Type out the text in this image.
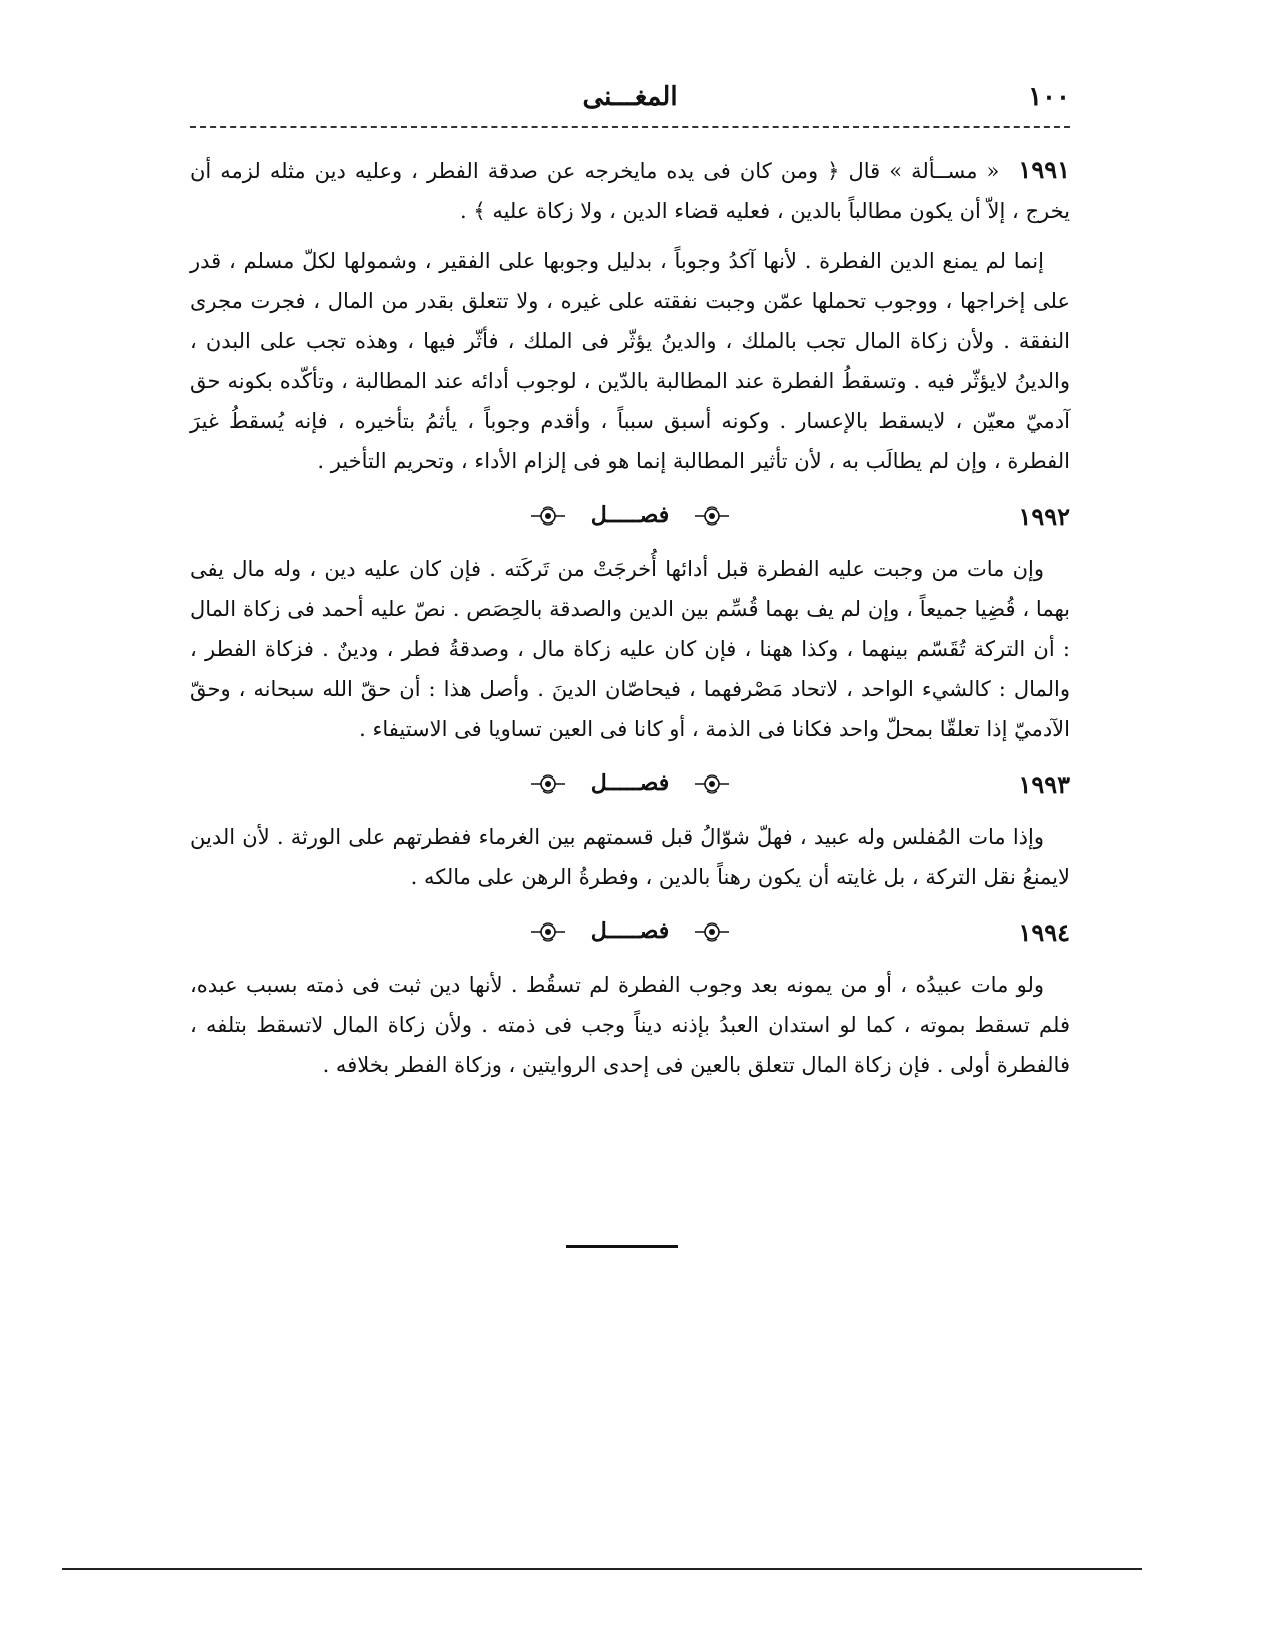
١٠٠
المغـــنى

١٩٩١ « مســألة » قال ﴿ ومن كان فى يده مايخرجه عن صدقة الفطر ، وعليه دين مثله لزمه أن يخرج ، إلاّ أن يكون مطالباً بالدين ، فعليه قضاء الدين ، ولا زكاة عليه ﴾ .

إنما لم يمنع الدين الفطرة . لأنها آكدُ وجوباً ، بدليل وجوبها على الفقير ، وشمولها لكلّ مسلم ، قدر على إخراجها ، ووجوب تحملها عمّن وجبت نفقته على غيره ، ولا تتعلق بقدر من المال ، فجرت مجرى النفقة . ولأن زكاة المال تجب بالملك ، والدينُ يؤثّر فى الملك ، فأثّر فيها ، وهذه تجب على البدن ، والدينُ لايؤثّر فيه . وتسقطُ الفطرة عند المطالبة بالدّين ، لوجوب أدائه عند المطالبة ، وتأكّده بكونه حق آدميّ معيّن ، لايسقط بالإعسار . وكونه أسبق سبباً ، وأقدم وجوباً ، يأثمُ بتأخيره ، فإنه يُسقطُ غيرَ الفطرة ، وإن لم يطالَب به ، لأن تأثير المطالبة إنما هو فى إلزام الأداء ، وتحريم التأخير .

١٩٩٢
فصـــــل

وإن مات من وجبت عليه الفطرة قبل أدائها أُخرجَتْ من تَركَته . فإن كان عليه دين ، وله مال يفى بهما ، قُضِيا جميعاً ، وإن لم يف بهما قُسِّم بين الدين والصدقة بالحِصَص . نصّ عليه أحمد فى زكاة المال : أن التركة تُقَسّم بينهما ، وكذا ههنا ، فإن كان عليه زكاة مال ، وصدقةُ فطر ، ودينٌ . فزكاة الفطر ، والمال : كالشيء الواحد ، لاتحاد مَصْرفهما ، فيحاصّان الدينَ . وأصل هذا : أن حقّ الله سبحانه ، وحقّ الآدميّ إذا تعلقّا بمحلّ واحد فكانا فى الذمة ، أو كانا فى العين تساويا فى الاستيفاء .

١٩٩٣
فصـــــل

وإذا مات المُفلس وله عبيد ، فهلّ شوّالُ قبل قسمتهم بين الغرماء ففطرتهم على الورثة . لأن الدين لايمنعُ نقل التركة ، بل غايته أن يكون رهناً بالدين ، وفطرةُ الرهن على مالكه .

١٩٩٤
فصـــــل

ولو مات عبيدُه ، أو من يمونه بعد وجوب الفطرة لم تسقُط . لأنها دين ثبت فى ذمته بسبب عبده، فلم تسقط بموته ، كما لو استدان العبدُ بإذنه ديناً وجب فى ذمته . ولأن زكاة المال لاتسقط بتلفه ، فالفطرة أولى . فإن زكاة المال تتعلق بالعين فى إحدى الروايتين ، وزكاة الفطر بخلافه .
